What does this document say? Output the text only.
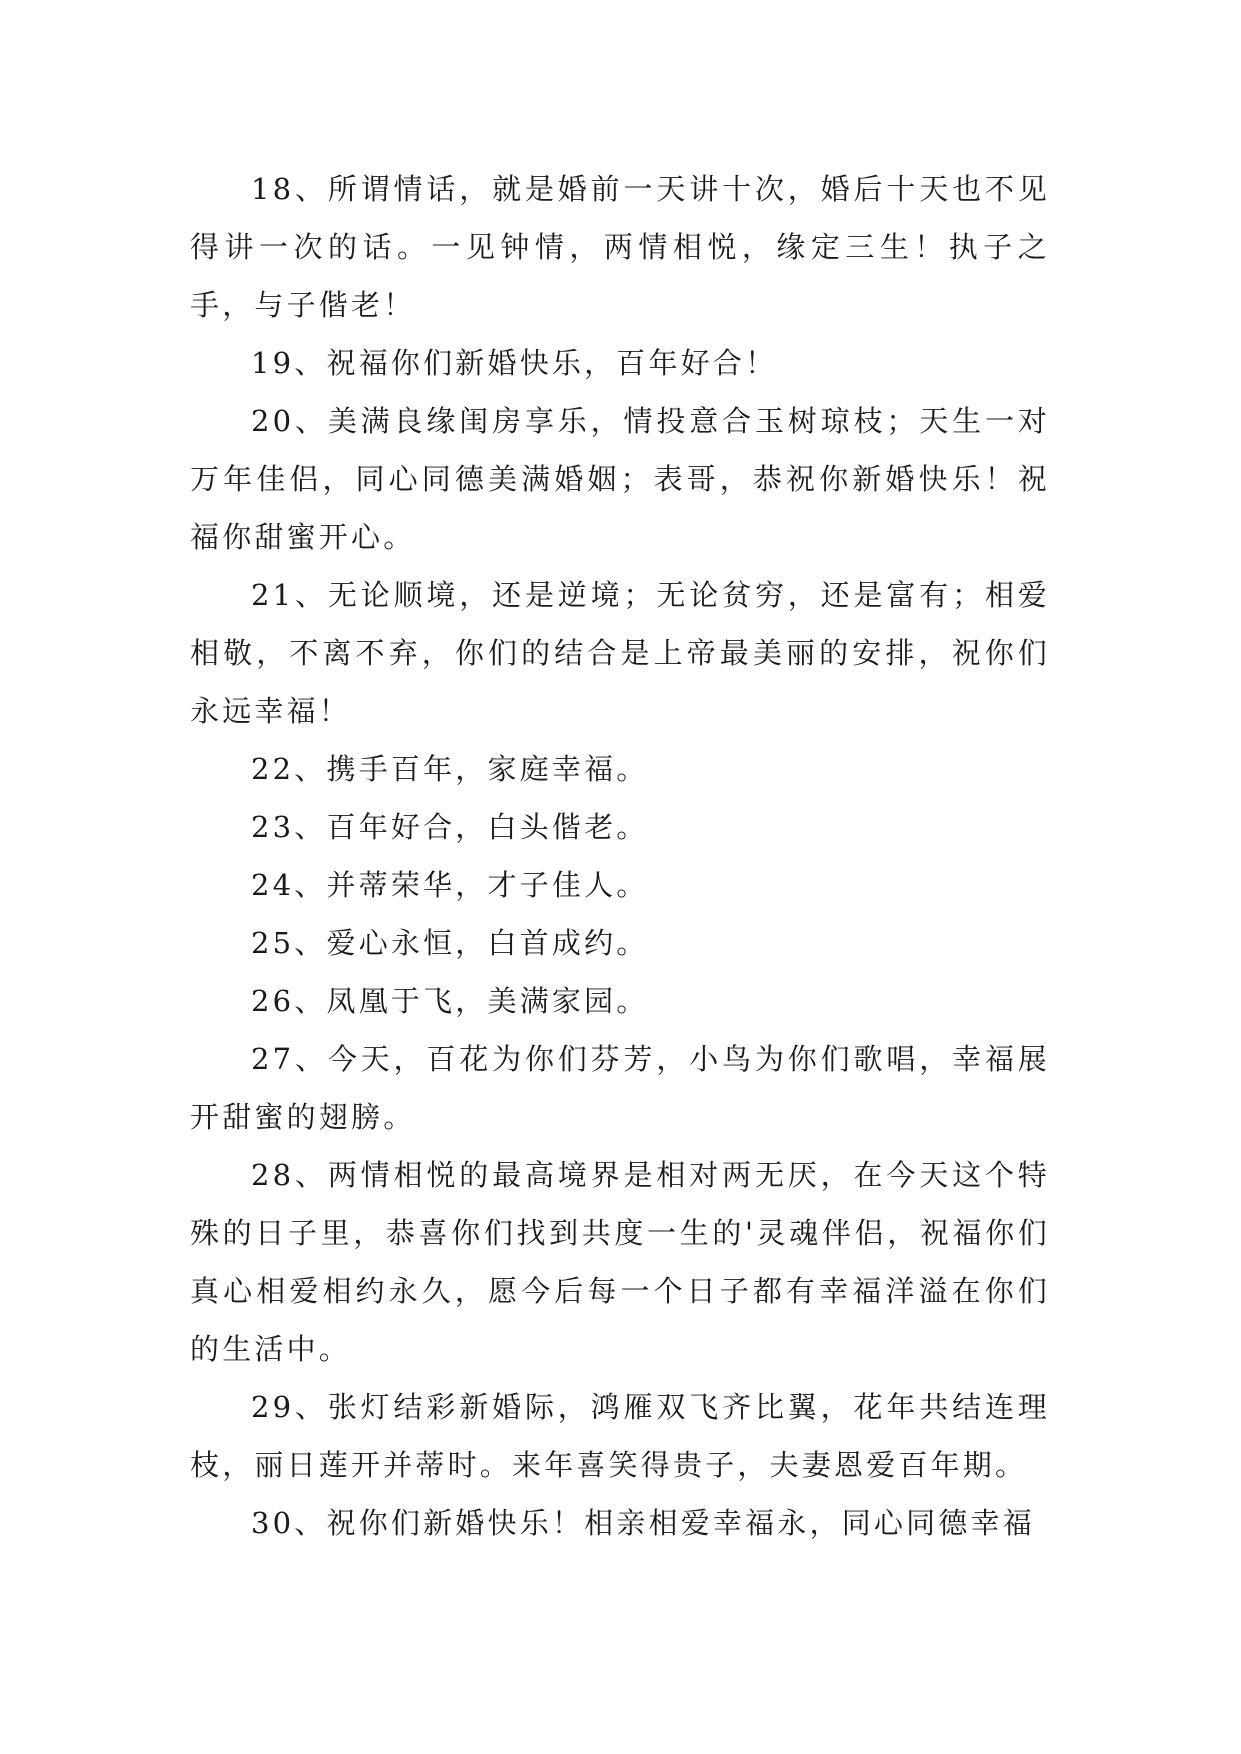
18、所谓情话，就是婚前一天讲十次，婚后十天也不见得讲一次的话。一见钟情，两情相悦，缘定三生！执子之手，与子偕老！

19、祝福你们新婚快乐，百年好合！

20、美满良缘闺房享乐，情投意合玉树琼枝；天生一对万年佳侣，同心同德美满婚姻；表哥，恭祝你新婚快乐！祝福你甜蜜开心。

21、无论顺境，还是逆境；无论贫穷，还是富有；相爱相敬，不离不弃，你们的结合是上帝最美丽的安排，祝你们永远幸福！

22、携手百年，家庭幸福。

23、百年好合，白头偕老。

24、并蒂荣华，才子佳人。

25、爱心永恒，白首成约。

26、凤凰于飞，美满家园。

27、今天，百花为你们芬芳，小鸟为你们歌唱，幸福展开甜蜜的翅膀。

28、两情相悦的最高境界是相对两无厌，在今天这个特殊的日子里，恭喜你们找到共度一生的'灵魂伴侣，祝福你们真心相爱相约永久，愿今后每一个日子都有幸福洋溢在你们的生活中。

29、张灯结彩新婚际，鸿雁双飞齐比翼，花年共结连理枝，丽日莲开并蒂时。来年喜笑得贵子，夫妻恩爱百年期。

30、祝你们新婚快乐！相亲相爱幸福永，同心同德幸福
